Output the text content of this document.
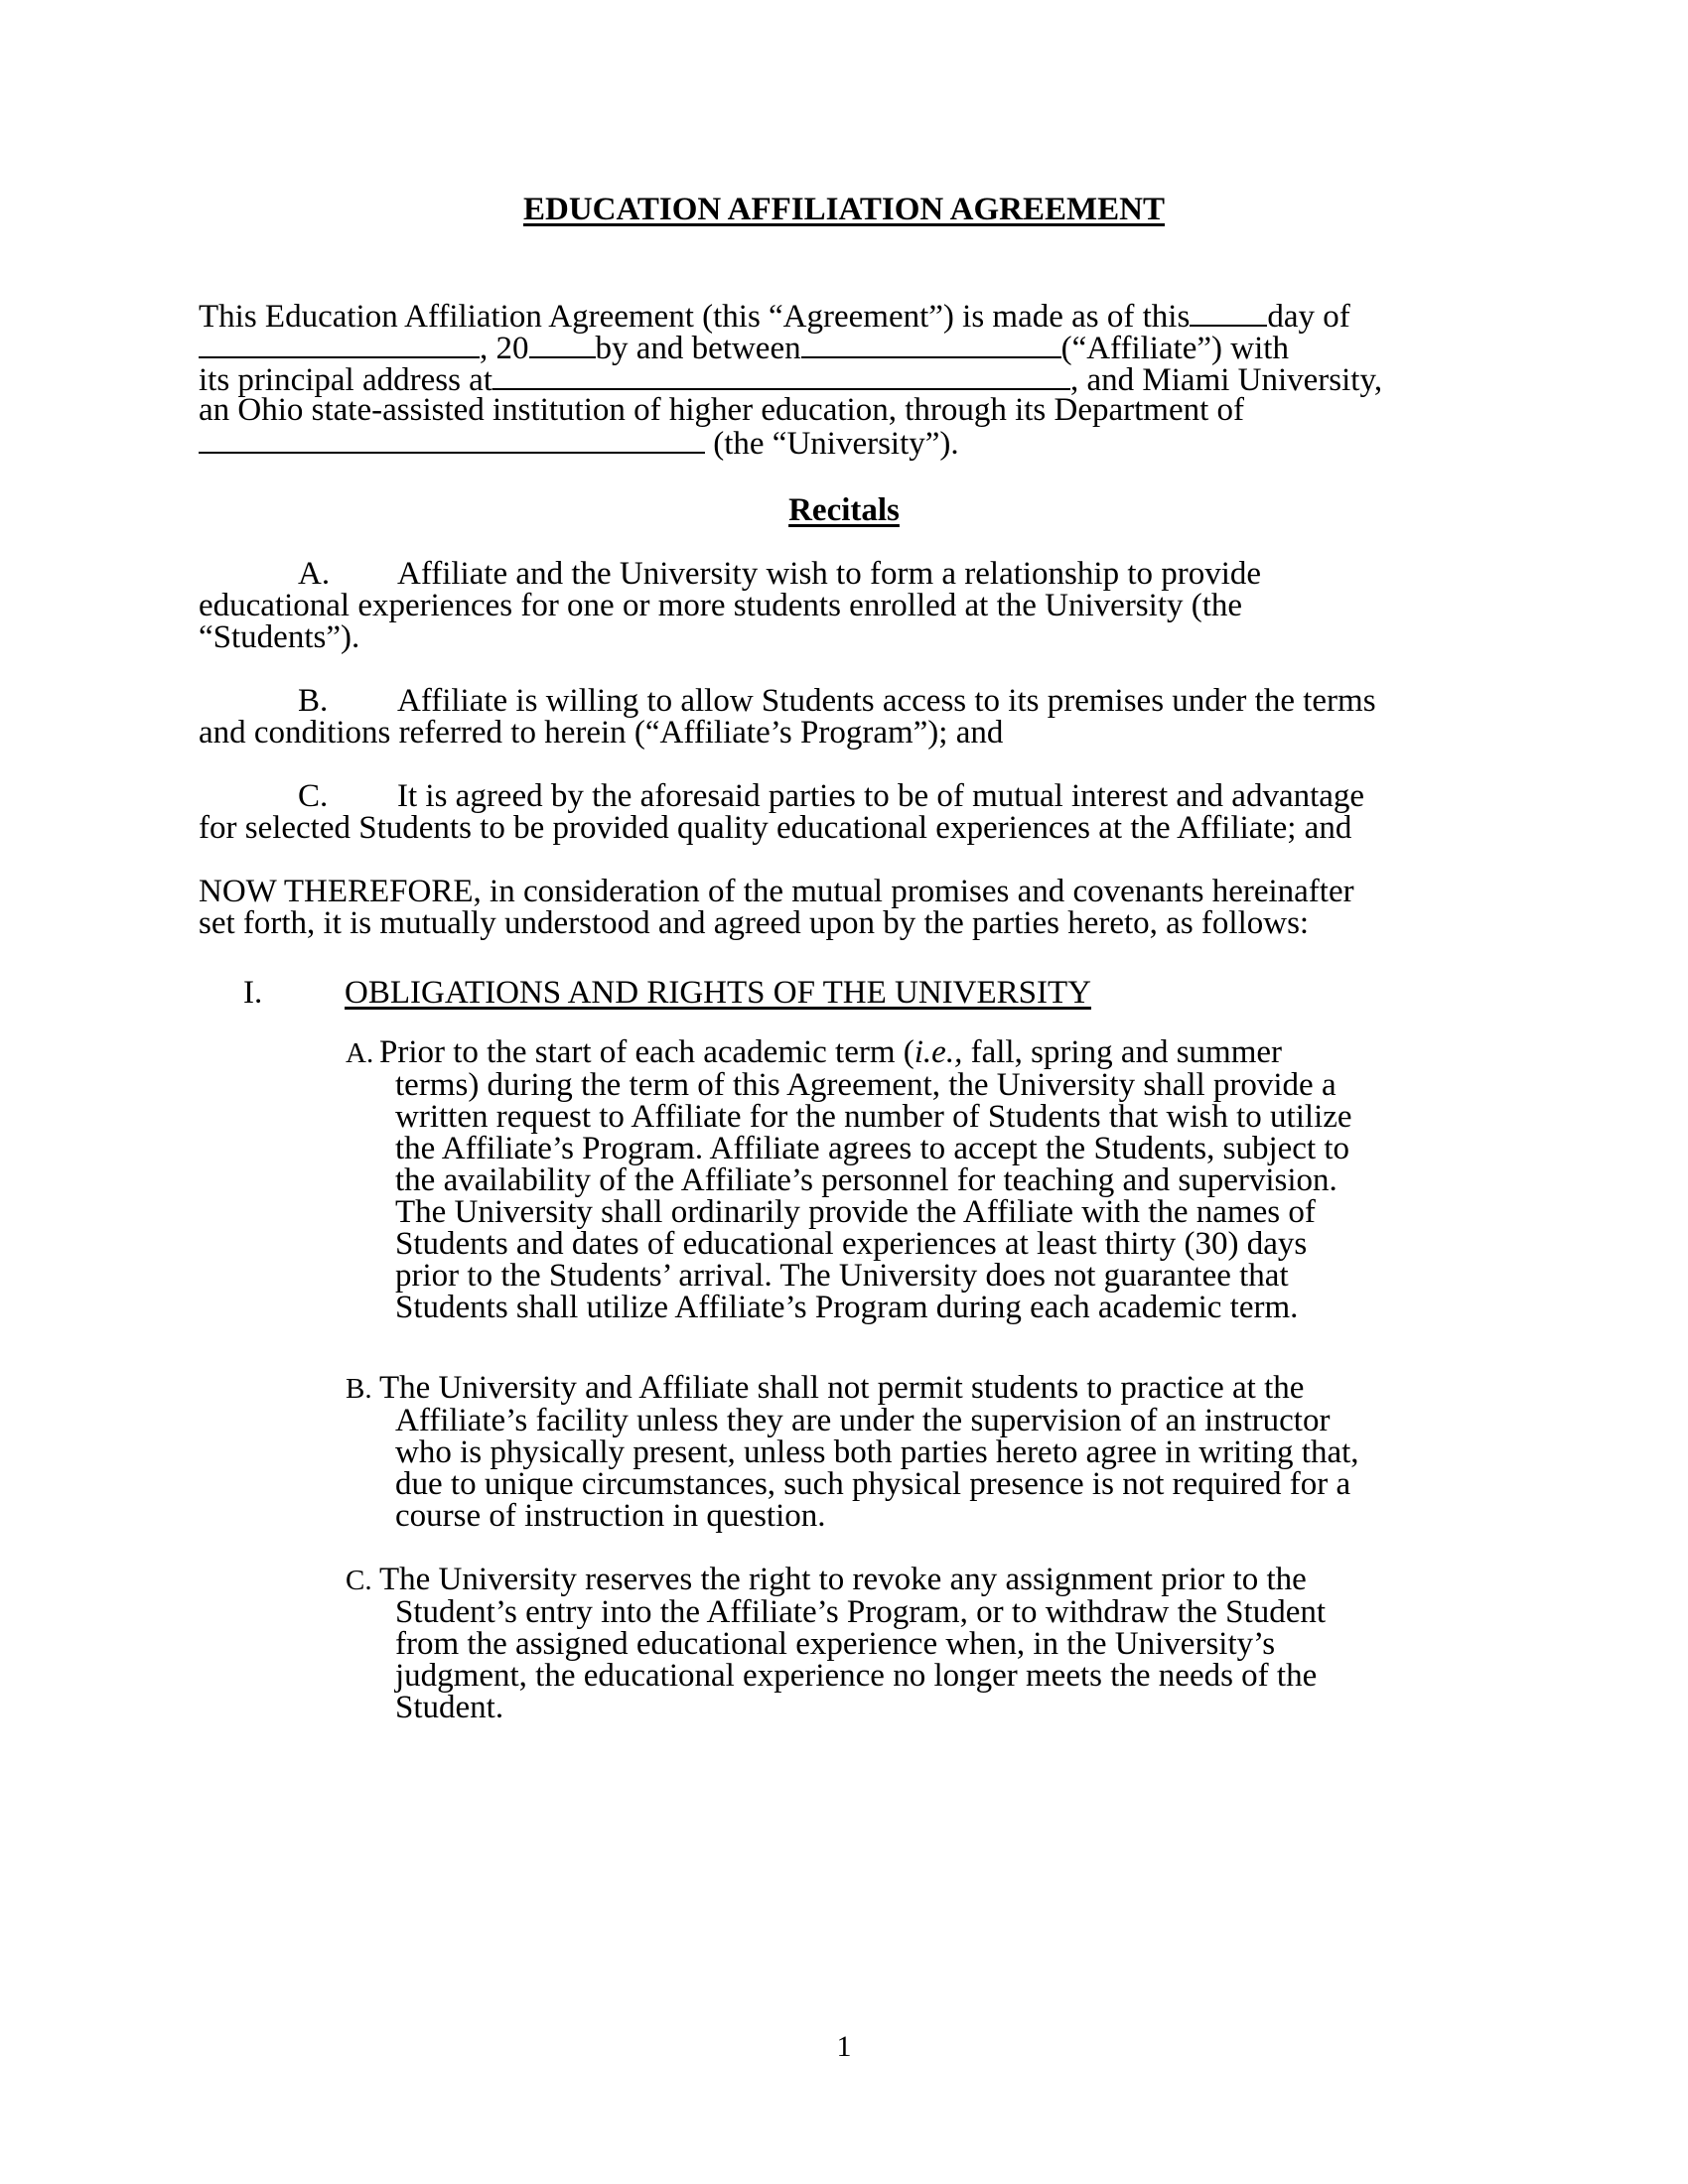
EDUCATION AFFILIATION AGREEMENT
This Education Affiliation Agreement (this “Agreement”) is made as of this day of
, 20 by and between	(“Affiliate”) with
its principal address at	, and Miami University,
an Ohio state-assisted institution of higher education, through its Department of
(the “University”).
Recitals
A. Affiliate and the University wish to form a relationship to provide
educational experiences for one or more students enrolled at the University (the
“Students”).
B. Affiliate is willing to allow Students access to its premises under the terms
and conditions referred to herein (“Affiliate’s Program”); and
C. It is agreed by the aforesaid parties to be of mutual interest and advantage
for selected Students to be provided quality educational experiences at the Affiliate; and
NOW THEREFORE, in consideration of the mutual promises and covenants hereinafter
set forth, it is mutually understood and agreed upon by the parties hereto, as follows:
I.	OBLIGATIONS AND RIGHTS OF THE UNIVERSITY
A. Prior to the start of each academic term (i.e., fall, spring and summer
terms) during the term of this Agreement, the University shall provide a
written request to Affiliate for the number of Students that wish to utilize
the Affiliate’s Program. Affiliate agrees to accept the Students, subject to
the availability of the Affiliate’s personnel for teaching and supervision.
The University shall ordinarily provide the Affiliate with the names of
Students and dates of educational experiences at least thirty (30) days
prior to the Students’ arrival. The University does not guarantee that
Students shall utilize Affiliate’s Program during each academic term.
B. The University and Affiliate shall not permit students to practice at the
Affiliate’s facility unless they are under the supervision of an instructor
who is physically present, unless both parties hereto agree in writing that,
due to unique circumstances, such physical presence is not required for a
course of instruction in question.
C. The University reserves the right to revoke any assignment prior to the
Student’s entry into the Affiliate’s Program, or to withdraw the Student
from the assigned educational experience when, in the University’s
judgment, the educational experience no longer meets the needs of the
Student.
1
